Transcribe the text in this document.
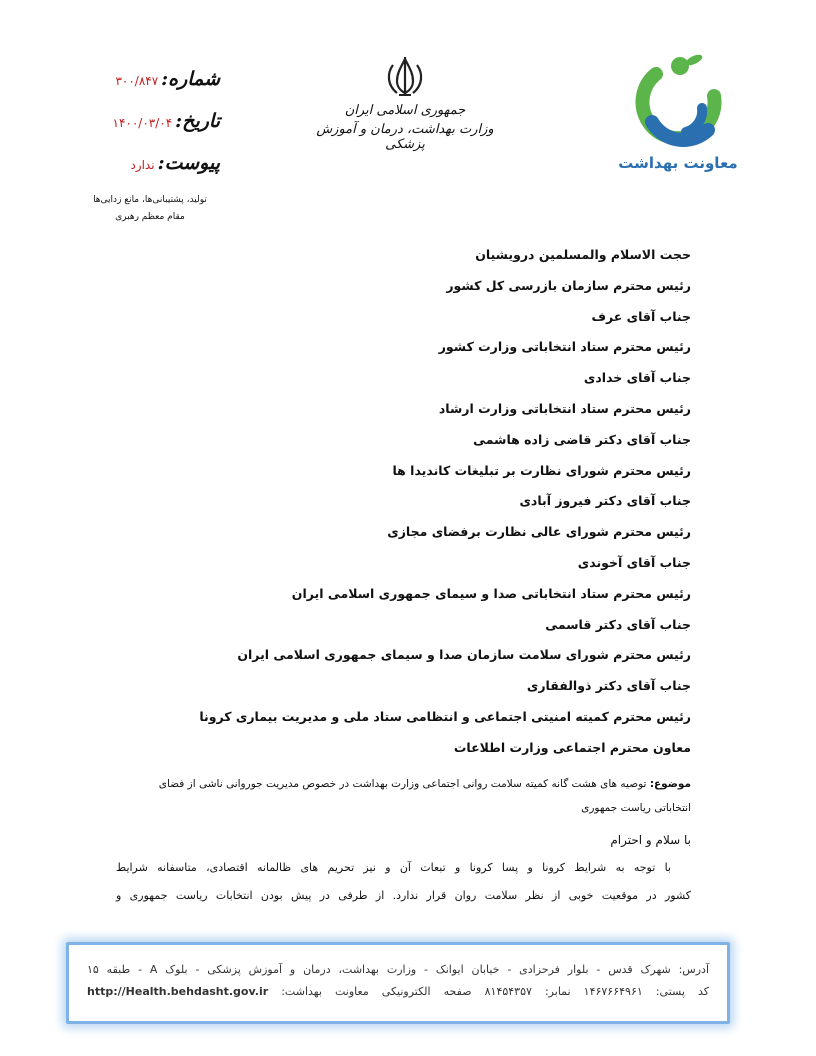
معاونت بهداشت
جمهوری اسلامی ایران
وزارت بهداشت، درمان و آموزش پزشکی
شماره:
۳۰۰/۸۴۷
تاریخ:
۱۴۰۰/۰۳/۰۴
پیوست:
ندارد
تولید، پشتیبانی‌ها، مانع زدایی‌ها
مقام معظم رهبری
حجت الاسلام والمسلمین درویشیان
رئیس محترم سازمان بازرسی کل کشور
جناب آقای عرف
رئیس محترم ستاد انتخاباتی وزارت کشور
جناب آقای خدادی
رئیس محترم ستاد انتخاباتی وزارت ارشاد
جناب آقای دکتر قاضی زاده هاشمی
رئیس محترم شورای نظارت بر تبلیغات کاندیدا ها
جناب آقای دکتر فیروز آبادی
رئیس محترم شورای عالی نظارت برفضای مجازی
جناب آقای آخوندی
رئیس محترم ستاد انتخاباتی صدا و سیمای جمهوری اسلامی ایران
جناب آقای دکتر قاسمی
رئیس محترم شورای سلامت سازمان صدا و سیمای جمهوری اسلامی ایران
جناب آقای دکتر ذوالفقاری
رئیس محترم کمیته امنیتی اجتماعی و انتظامی ستاد ملی و مدیریت بیماری کرونا
معاون محترم اجتماعی وزارت اطلاعات
موضوع: توصیه های هشت گانه کمیته سلامت روانی اجتماعی وزارت بهداشت در خصوص مدیریت جوروانی ناشی از فضای
انتخاباتی ریاست جمهوری
با سلام و احترام
با توجه به شرایط کرونا و پسا کرونا و تبعات آن و نیز تحریم های ظالمانه اقتصادی، متاسفانه شرایط
کشور در موقعیت خوبی از نظر سلامت روان قرار ندارد. از طرفی در پیش بودن انتخابات ریاست جمهوری و
آدرس: شهرک قدس - بلوار فرحزادی - خیابان ایوانک - وزارت بهداشت، درمان و آموزش پزشکی - بلوک A - طبقه ۱۵
کد پستی: ۱۴۶۷۶۶۴۹۶۱ نمابر: ۸۱۴۵۴۳۵۷ صفحه الکترونیکی معاونت بهداشت: http://Health.behdasht.gov.ir
